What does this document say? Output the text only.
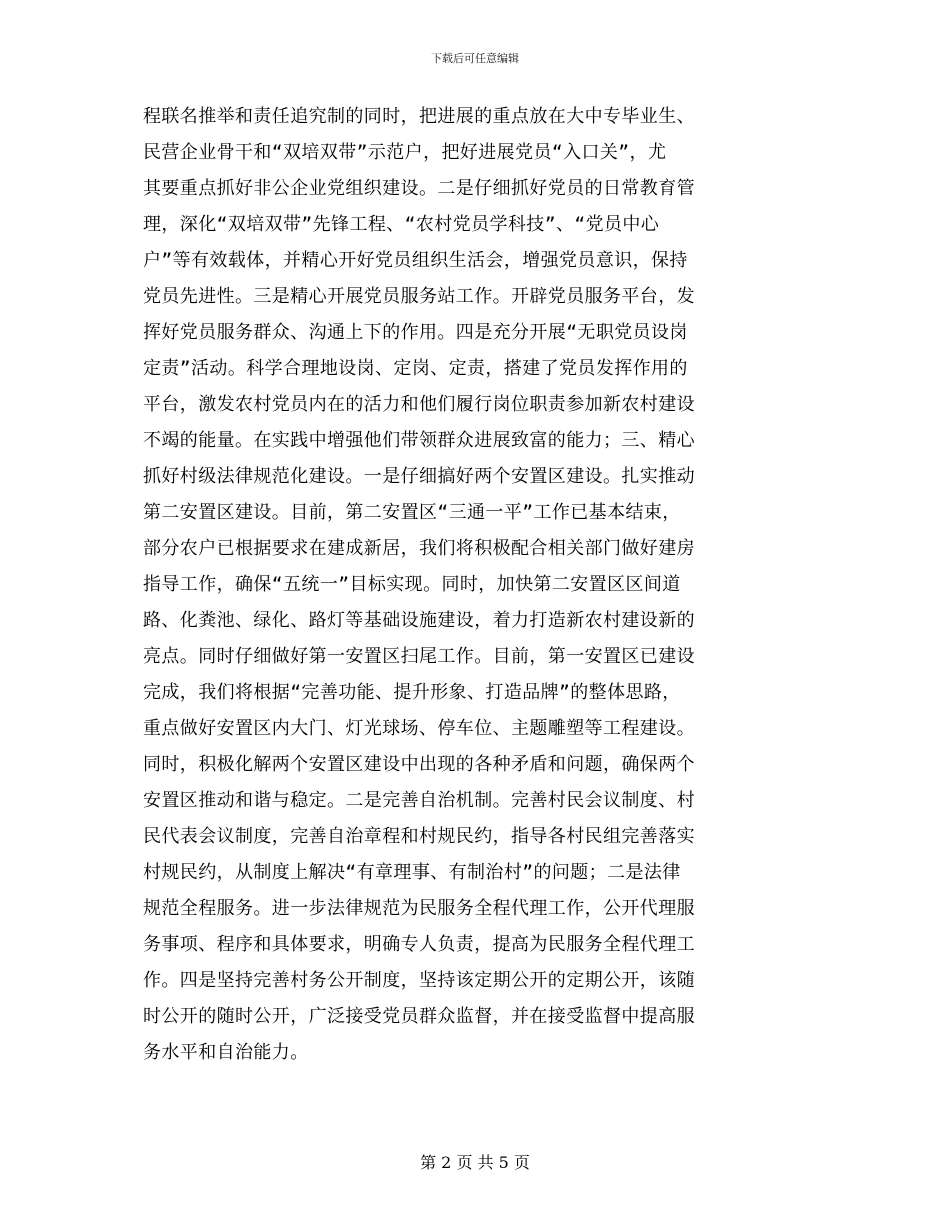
下载后可任意编辑
程联名推举和责任追究制的同时，把进展的重点放在大中专毕业生、
民营企业骨干和“双培双带”示范户，把好进展党员“入口关”，尤
其要重点抓好非公企业党组织建设。二是仔细抓好党员的日常教育管
理，深化“双培双带”先锋工程、“农村党员学科技”、“党员中心
户”等有效载体，并精心开好党员组织生活会，增强党员意识，保持
党员先进性。三是精心开展党员服务站工作。开辟党员服务平台，发
挥好党员服务群众、沟通上下的作用。四是充分开展“无职党员设岗
定责”活动。科学合理地设岗、定岗、定责，搭建了党员发挥作用的
平台，激发农村党员内在的活力和他们履行岗位职责参加新农村建设
不竭的能量。在实践中增强他们带领群众进展致富的能力；三、精心
抓好村级法律规范化建设。一是仔细搞好两个安置区建设。扎实推动
第二安置区建设。目前，第二安置区“三通一平”工作已基本结束，
部分农户已根据要求在建成新居，我们将积极配合相关部门做好建房
指导工作，确保“五统一”目标实现。同时，加快第二安置区区间道
路、化粪池、绿化、路灯等基础设施建设，着力打造新农村建设新的
亮点。同时仔细做好第一安置区扫尾工作。目前，第一安置区已建设
完成，我们将根据“完善功能、提升形象、打造品牌”的整体思路，
重点做好安置区内大门、灯光球场、停车位、主题雕塑等工程建设。
同时，积极化解两个安置区建设中出现的各种矛盾和问题，确保两个
安置区推动和谐与稳定。二是完善自治机制。完善村民会议制度、村
民代表会议制度，完善自治章程和村规民约，指导各村民组完善落实
村规民约，从制度上解决“有章理事、有制治村”的问题；二是法律
规范全程服务。进一步法律规范为民服务全程代理工作，公开代理服
务事项、程序和具体要求，明确专人负责，提高为民服务全程代理工
作。四是坚持完善村务公开制度，坚持该定期公开的定期公开，该随
时公开的随时公开，广泛接受党员群众监督，并在接受监督中提高服
务水平和自治能力。
第 2 页 共 5 页
